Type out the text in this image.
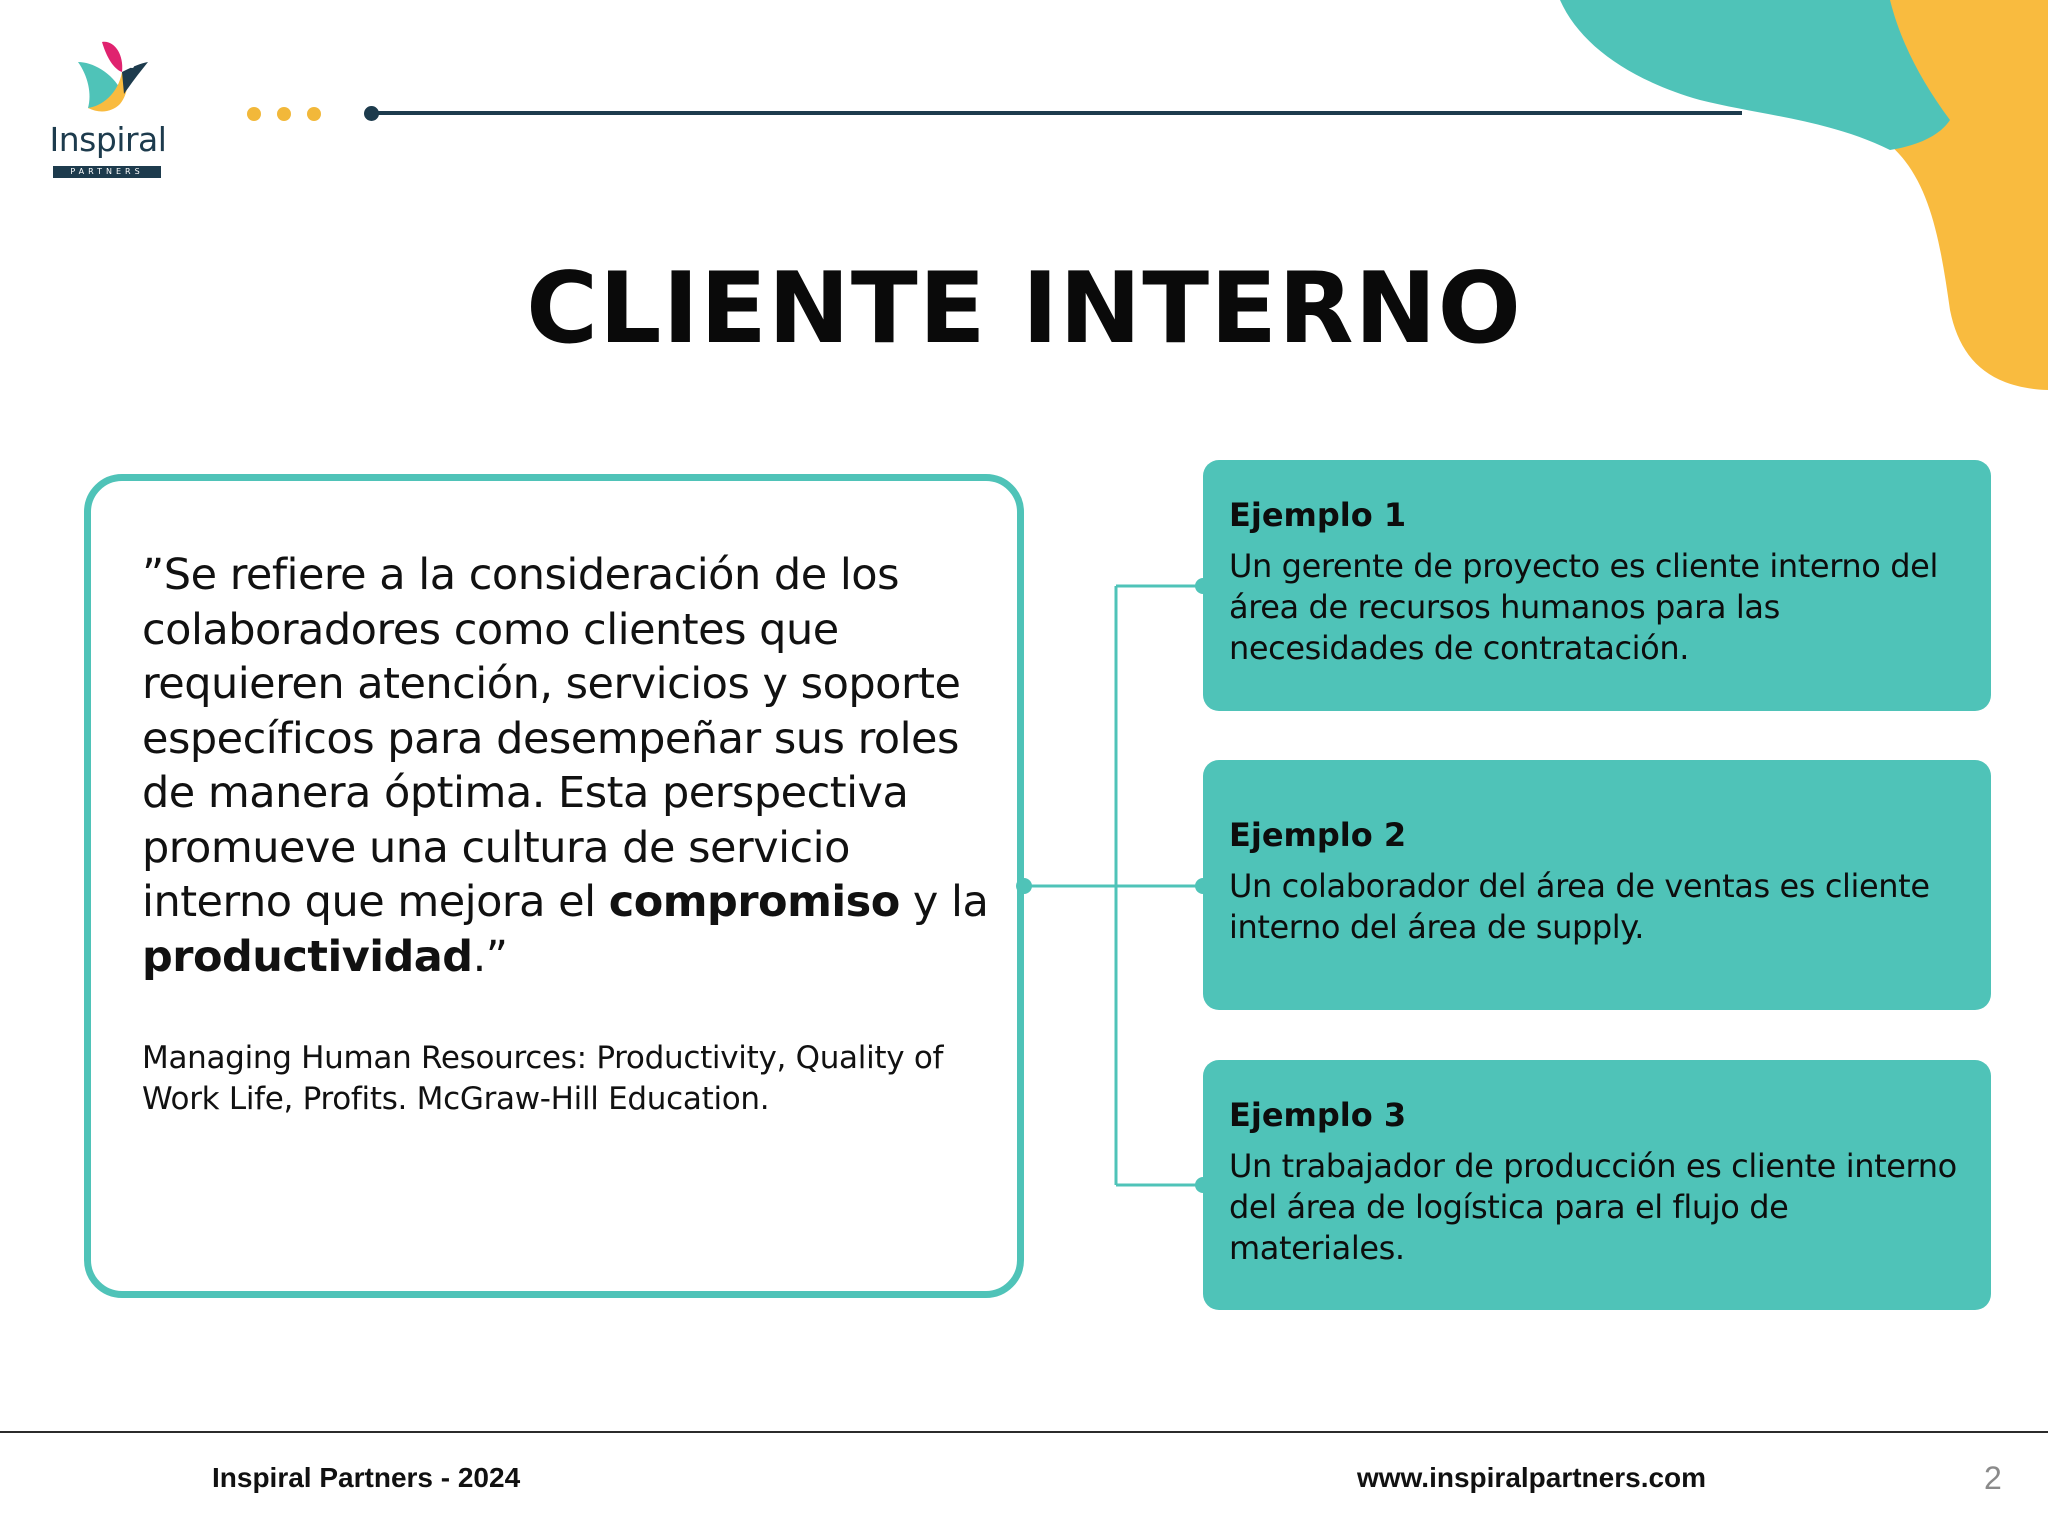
Inspiral
PARTNERS
CLIENTE INTERNO
”Se refiere a la consideración de los colaboradores como clientes que requieren atención, servicios y soporte específicos para desempeñar sus roles de manera óptima. Esta perspectiva promueve una cultura de servicio interno que mejora el compromiso y la productividad.”
Managing Human Resources: Productivity, Quality of Work Life, Profits. McGraw-Hill Education.
Ejemplo 1
Un gerente de proyecto es cliente interno del área de recursos humanos para las necesidades de contratación.
Ejemplo 2
Un colaborador del área de ventas es cliente interno del área de supply.
Ejemplo 3
Un trabajador de producción es cliente interno del área de logística para el flujo de materiales.
Inspiral Partners - 2024	www.inspiralpartners.com	2
